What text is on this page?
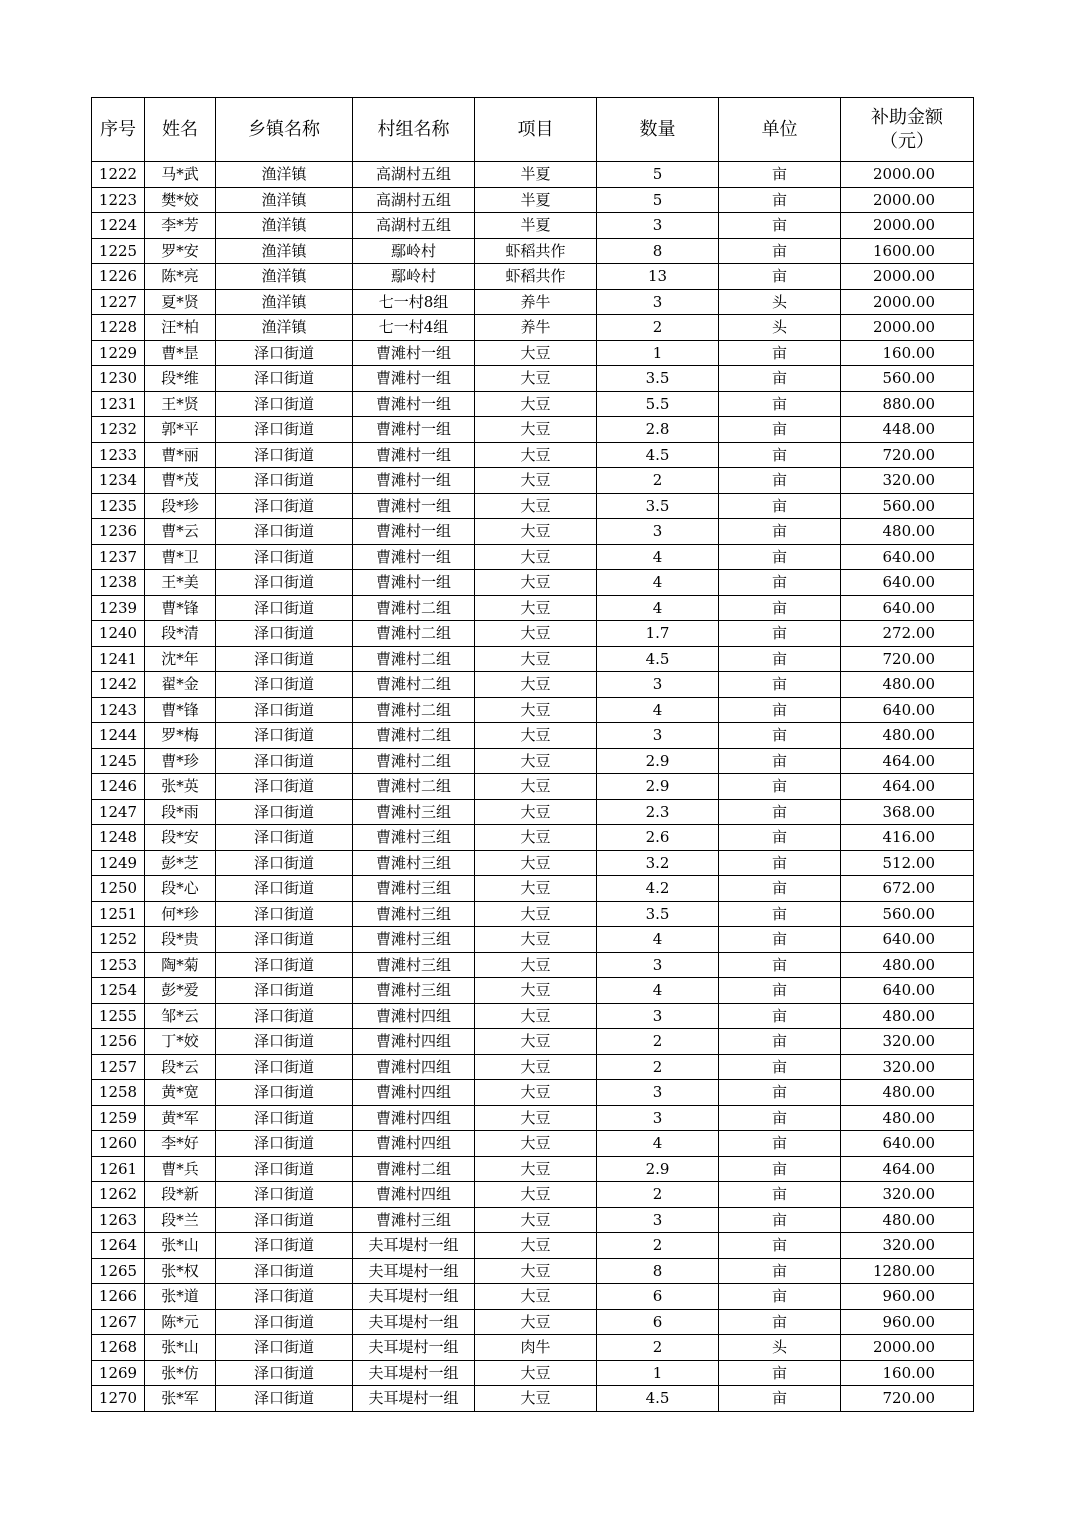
序号	姓名	乡镇名称	村组名称	项目	数量	单位	补助金额
（元）

1222	马*武	渔洋镇	高湖村五组	半夏	5	亩	2000.00
1223	樊*姣	渔洋镇	高湖村五组	半夏	5	亩	2000.00
1224	李*芳	渔洋镇	高湖村五组	半夏	3	亩	2000.00
1225	罗*安	渔洋镇	鄢岭村	虾稻共作	8	亩	1600.00
1226	陈*亮	渔洋镇	鄢岭村	虾稻共作	13	亩	2000.00
1227	夏*贤	渔洋镇	七一村8组	养牛	3	头	2000.00
1228	汪*柏	渔洋镇	七一村4组	养牛	2	头	2000.00
1229	曹*昰	泽口街道	曹滩村一组	大豆	1	亩	160.00
1230	段*维	泽口街道	曹滩村一组	大豆	3.5	亩	560.00
1231	王*贤	泽口街道	曹滩村一组	大豆	5.5	亩	880.00
1232	郭*平	泽口街道	曹滩村一组	大豆	2.8	亩	448.00
1233	曹*丽	泽口街道	曹滩村一组	大豆	4.5	亩	720.00
1234	曹*茂	泽口街道	曹滩村一组	大豆	2	亩	320.00
1235	段*珍	泽口街道	曹滩村一组	大豆	3.5	亩	560.00
1236	曹*云	泽口街道	曹滩村一组	大豆	3	亩	480.00
1237	曹*卫	泽口街道	曹滩村一组	大豆	4	亩	640.00
1238	王*美	泽口街道	曹滩村一组	大豆	4	亩	640.00
1239	曹*锋	泽口街道	曹滩村二组	大豆	4	亩	640.00
1240	段*清	泽口街道	曹滩村二组	大豆	1.7	亩	272.00
1241	沈*年	泽口街道	曹滩村二组	大豆	4.5	亩	720.00
1242	翟*金	泽口街道	曹滩村二组	大豆	3	亩	480.00
1243	曹*锋	泽口街道	曹滩村二组	大豆	4	亩	640.00
1244	罗*梅	泽口街道	曹滩村二组	大豆	3	亩	480.00
1245	曹*珍	泽口街道	曹滩村二组	大豆	2.9	亩	464.00
1246	张*英	泽口街道	曹滩村二组	大豆	2.9	亩	464.00
1247	段*雨	泽口街道	曹滩村三组	大豆	2.3	亩	368.00
1248	段*安	泽口街道	曹滩村三组	大豆	2.6	亩	416.00
1249	彭*芝	泽口街道	曹滩村三组	大豆	3.2	亩	512.00
1250	段*心	泽口街道	曹滩村三组	大豆	4.2	亩	672.00
1251	何*珍	泽口街道	曹滩村三组	大豆	3.5	亩	560.00
1252	段*贵	泽口街道	曹滩村三组	大豆	4	亩	640.00
1253	陶*菊	泽口街道	曹滩村三组	大豆	3	亩	480.00
1254	彭*爱	泽口街道	曹滩村三组	大豆	4	亩	640.00
1255	邹*云	泽口街道	曹滩村四组	大豆	3	亩	480.00
1256	丁*姣	泽口街道	曹滩村四组	大豆	2	亩	320.00
1257	段*云	泽口街道	曹滩村四组	大豆	2	亩	320.00
1258	黄*宽	泽口街道	曹滩村四组	大豆	3	亩	480.00
1259	黄*军	泽口街道	曹滩村四组	大豆	3	亩	480.00
1260	李*好	泽口街道	曹滩村四组	大豆	4	亩	640.00
1261	曹*兵	泽口街道	曹滩村二组	大豆	2.9	亩	464.00
1262	段*新	泽口街道	曹滩村四组	大豆	2	亩	320.00
1263	段*兰	泽口街道	曹滩村三组	大豆	3	亩	480.00
1264	张*山	泽口街道	夫耳堤村一组	大豆	2	亩	320.00
1265	张*权	泽口街道	夫耳堤村一组	大豆	8	亩	1280.00
1266	张*道	泽口街道	夫耳堤村一组	大豆	6	亩	960.00
1267	陈*元	泽口街道	夫耳堤村一组	大豆	6	亩	960.00
1268	张*山	泽口街道	夫耳堤村一组	肉牛	2	头	2000.00
1269	张*仿	泽口街道	夫耳堤村一组	大豆	1	亩	160.00
1270	张*军	泽口街道	夫耳堤村一组	大豆	4.5	亩	720.00
